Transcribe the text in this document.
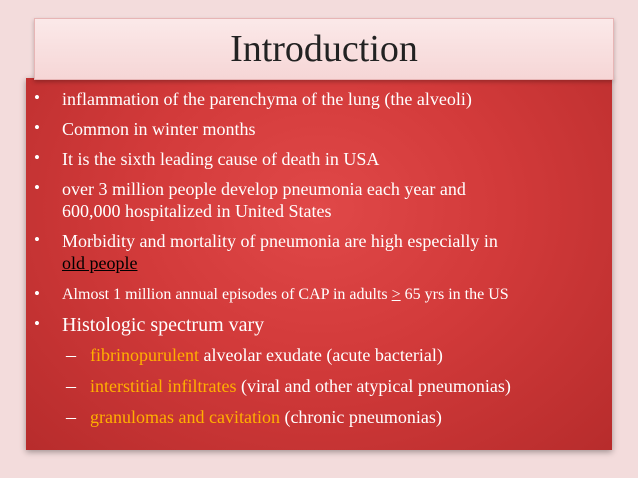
Introduction
•	inflammation of the parenchyma of the lung (the alveoli)
•	Common in winter months
•	It is the sixth leading cause of death in USA
•	over 3 million people develop pneumonia each year and
600,000 hospitalized in United States
•	Morbidity and mortality of pneumonia are high especially in
old people
•	Almost 1 million annual episodes of CAP in adults > 65 yrs in the US
•	Histologic spectrum vary
– fibrinopurulent alveolar exudate (acute bacterial)
– interstitial infiltrates (viral and other atypical pneumonias)
– granulomas and cavitation (chronic pneumonias)
